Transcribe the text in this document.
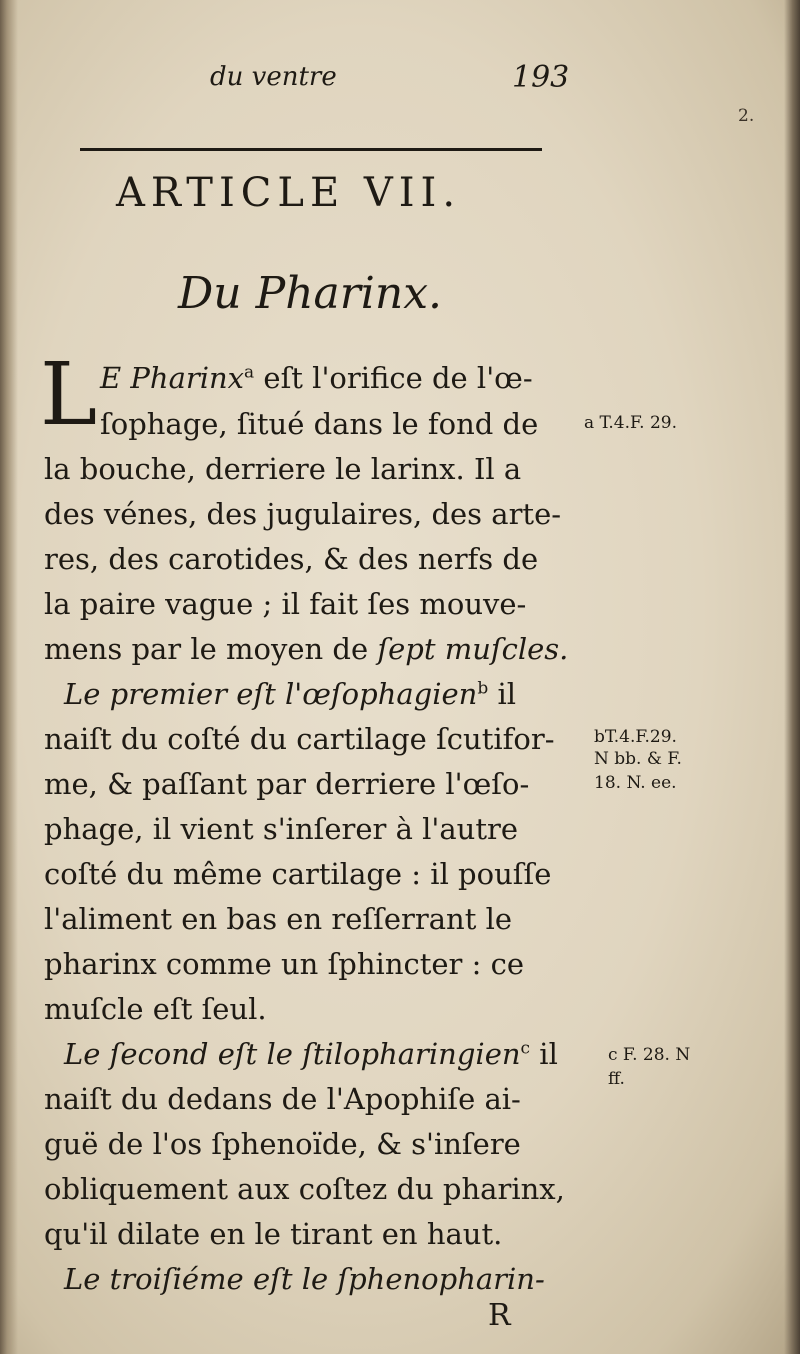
du ventre	193
2.
ARTICLE VII.
Du Pharinx.
L E Pharinx$^a$ eſt l'orifice de l'œ-
ſophage, ſitué dans le fond de
la bouche, derriere le larinx. Il a
des vénes, des jugulaires, des arte-
res, des carotides, & des nerfs de
la paire vague ; il fait ſes mouve-
mens par le moyen de ſept muſcles.
Le premier eſt l'œſophagien$^b$ il
naiſt du coſté du cartilage ſcutifor-
me, & paſſant par derriere l'œſo-
phage, il vient s'inſerer à l'autre
coſté du même cartilage : il pouſſe
l'aliment en bas en reſſerrant le
pharinx comme un ſphincter : ce
muſcle eſt ſeul.
Le ſecond eſt le ſtilopharingien$^c$ il
naiſt du dedans de l'Apophiſe ai-
guë de l'os ſphenoïde, & s'inſere
obliquement aux coſtez du pharinx,
qu'il dilate en le tirant en haut.
Le troiſiéme eſt le ſphenopharin-
R
a T.4.F. 29.
bT.4.F.29.
N bb. & F.
18. N. ee.
c F. 28. N
ff.
